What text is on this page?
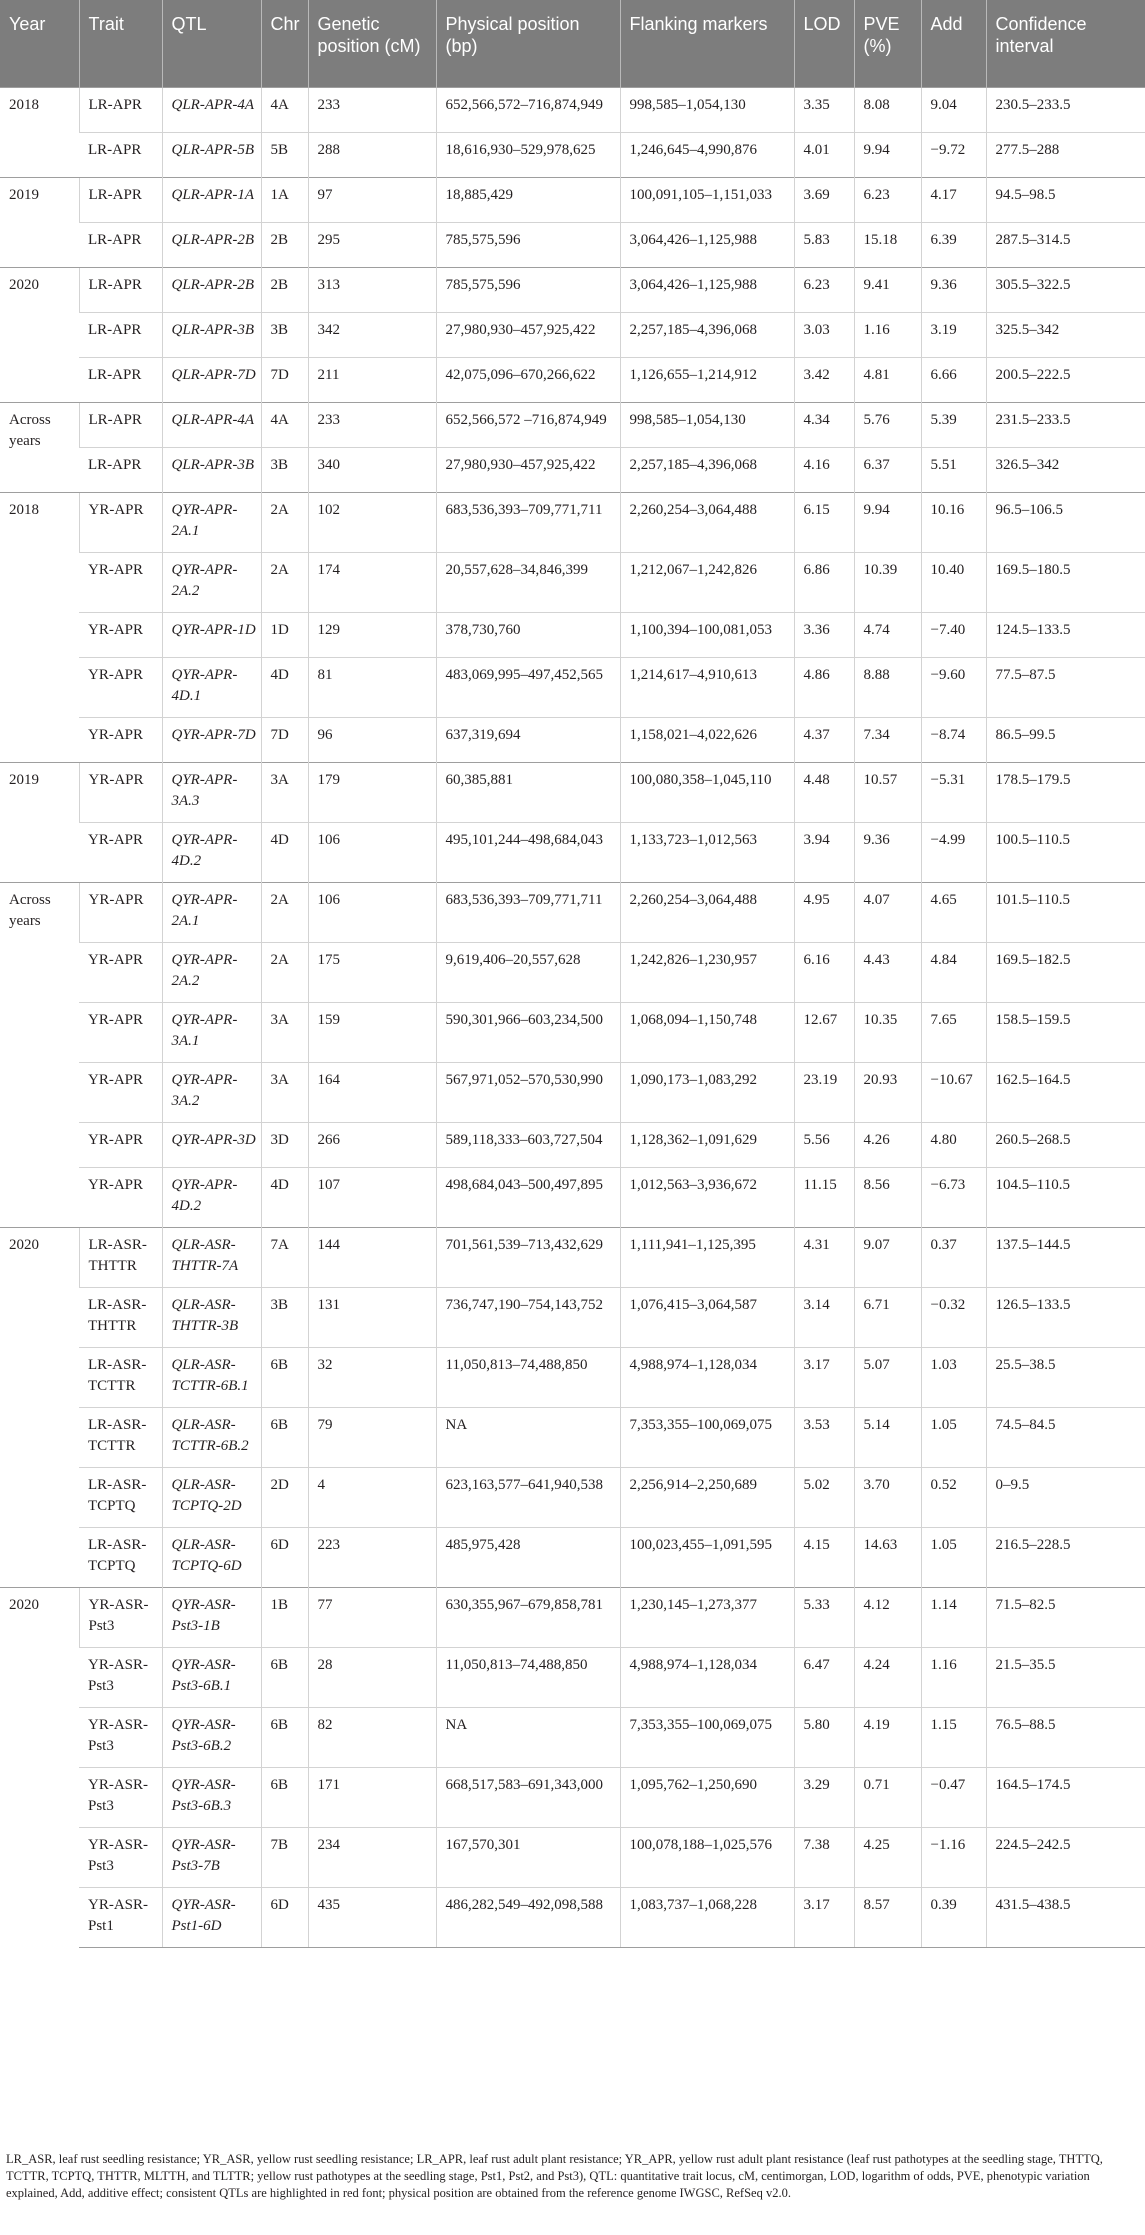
Year	Trait	QTL	Chr	Genetic position (cM)	Physical position (bp)	Flanking markers	LOD	PVE (%)	Add	Confidence interval
2018	LR-APR	QLR-APR-4A	4A	233	652,566,572–716,874,949	998,585–1,054,130	3.35	8.08	9.04	230.5–233.5
	LR-APR	QLR-APR-5B	5B	288	18,616,930–529,978,625	1,246,645–4,990,876	4.01	9.94	−9.72	277.5–288
2019	LR-APR	QLR-APR-1A	1A	97	18,885,429	100,091,105–1,151,033	3.69	6.23	4.17	94.5–98.5
	LR-APR	QLR-APR-2B	2B	295	785,575,596	3,064,426–1,125,988	5.83	15.18	6.39	287.5–314.5
2020	LR-APR	QLR-APR-2B	2B	313	785,575,596	3,064,426–1,125,988	6.23	9.41	9.36	305.5–322.5
	LR-APR	QLR-APR-3B	3B	342	27,980,930–457,925,422	2,257,185–4,396,068	3.03	1.16	3.19	325.5–342
	LR-APR	QLR-APR-7D	7D	211	42,075,096–670,266,622	1,126,655–1,214,912	3.42	4.81	6.66	200.5–222.5
Across years	LR-APR	QLR-APR-4A	4A	233	652,566,572 –716,874,949	998,585–1,054,130	4.34	5.76	5.39	231.5–233.5
	LR-APR	QLR-APR-3B	3B	340	27,980,930–457,925,422	2,257,185–4,396,068	4.16	6.37	5.51	326.5–342
2018	YR-APR	QYR-APR-2A.1	2A	102	683,536,393–709,771,711	2,260,254–3,064,488	6.15	9.94	10.16	96.5–106.5
	YR-APR	QYR-APR-2A.2	2A	174	20,557,628–34,846,399	1,212,067–1,242,826	6.86	10.39	10.40	169.5–180.5
	YR-APR	QYR-APR-1D	1D	129	378,730,760	1,100,394–100,081,053	3.36	4.74	−7.40	124.5–133.5
	YR-APR	QYR-APR-4D.1	4D	81	483,069,995–497,452,565	1,214,617–4,910,613	4.86	8.88	−9.60	77.5–87.5
	YR-APR	QYR-APR-7D	7D	96	637,319,694	1,158,021–4,022,626	4.37	7.34	−8.74	86.5–99.5
2019	YR-APR	QYR-APR-3A.3	3A	179	60,385,881	100,080,358–1,045,110	4.48	10.57	−5.31	178.5–179.5
	YR-APR	QYR-APR-4D.2	4D	106	495,101,244–498,684,043	1,133,723–1,012,563	3.94	9.36	−4.99	100.5–110.5
Across years	YR-APR	QYR-APR-2A.1	2A	106	683,536,393–709,771,711	2,260,254–3,064,488	4.95	4.07	4.65	101.5–110.5
	YR-APR	QYR-APR-2A.2	2A	175	9,619,406–20,557,628	1,242,826–1,230,957	6.16	4.43	4.84	169.5–182.5
	YR-APR	QYR-APR-3A.1	3A	159	590,301,966–603,234,500	1,068,094–1,150,748	12.67	10.35	7.65	158.5–159.5
	YR-APR	QYR-APR-3A.2	3A	164	567,971,052–570,530,990	1,090,173–1,083,292	23.19	20.93	−10.67	162.5–164.5
	YR-APR	QYR-APR-3D	3D	266	589,118,333–603,727,504	1,128,362–1,091,629	5.56	4.26	4.80	260.5–268.5
	YR-APR	QYR-APR-4D.2	4D	107	498,684,043–500,497,895	1,012,563–3,936,672	11.15	8.56	−6.73	104.5–110.5
2020	LR-ASR-THTTR	QLR-ASR-THTTR-7A	7A	144	701,561,539–713,432,629	1,111,941–1,125,395	4.31	9.07	0.37	137.5–144.5
	LR-ASR-THTTR	QLR-ASR-THTTR-3B	3B	131	736,747,190–754,143,752	1,076,415–3,064,587	3.14	6.71	−0.32	126.5–133.5
	LR-ASR-TCTTR	QLR-ASR-TCTTR-6B.1	6B	32	11,050,813–74,488,850	4,988,974–1,128,034	3.17	5.07	1.03	25.5–38.5
	LR-ASR-TCTTR	QLR-ASR-TCTTR-6B.2	6B	79	NA	7,353,355–100,069,075	3.53	5.14	1.05	74.5–84.5
	LR-ASR-TCPTQ	QLR-ASR-TCPTQ-2D	2D	4	623,163,577–641,940,538	2,256,914–2,250,689	5.02	3.70	0.52	0–9.5
	LR-ASR-TCPTQ	QLR-ASR-TCPTQ-6D	6D	223	485,975,428	100,023,455–1,091,595	4.15	14.63	1.05	216.5–228.5
2020	YR-ASR-Pst3	QYR-ASR-Pst3-1B	1B	77	630,355,967–679,858,781	1,230,145–1,273,377	5.33	4.12	1.14	71.5–82.5
	YR-ASR-Pst3	QYR-ASR-Pst3-6B.1	6B	28	11,050,813–74,488,850	4,988,974–1,128,034	6.47	4.24	1.16	21.5–35.5
	YR-ASR-Pst3	QYR-ASR-Pst3-6B.2	6B	82	NA	7,353,355–100,069,075	5.80	4.19	1.15	76.5–88.5
	YR-ASR-Pst3	QYR-ASR-Pst3-6B.3	6B	171	668,517,583–691,343,000	1,095,762–1,250,690	3.29	0.71	−0.47	164.5–174.5
	YR-ASR-Pst3	QYR-ASR-Pst3-7B	7B	234	167,570,301	100,078,188–1,025,576	7.38	4.25	−1.16	224.5–242.5
	YR-ASR-Pst1	QYR-ASR-Pst1-6D	6D	435	486,282,549–492,098,588	1,083,737–1,068,228	3.17	8.57	0.39	431.5–438.5

LR_ASR, leaf rust seedling resistance; YR_ASR, yellow rust seedling resistance; LR_APR, leaf rust adult plant resistance; YR_APR, yellow rust adult plant resistance (leaf rust pathotypes at the seedling stage, THTTQ, TCTTR, TCPTQ, THTTR, MLTTH, and TLTTR; yellow rust pathotypes at the seedling stage, Pst1, Pst2, and Pst3), QTL: quantitative trait locus, cM, centimorgan, LOD, logarithm of odds, PVE, phenotypic variation explained, Add, additive effect; consistent QTLs are highlighted in red font; physical position are obtained from the reference genome IWGSC, RefSeq v2.0.
